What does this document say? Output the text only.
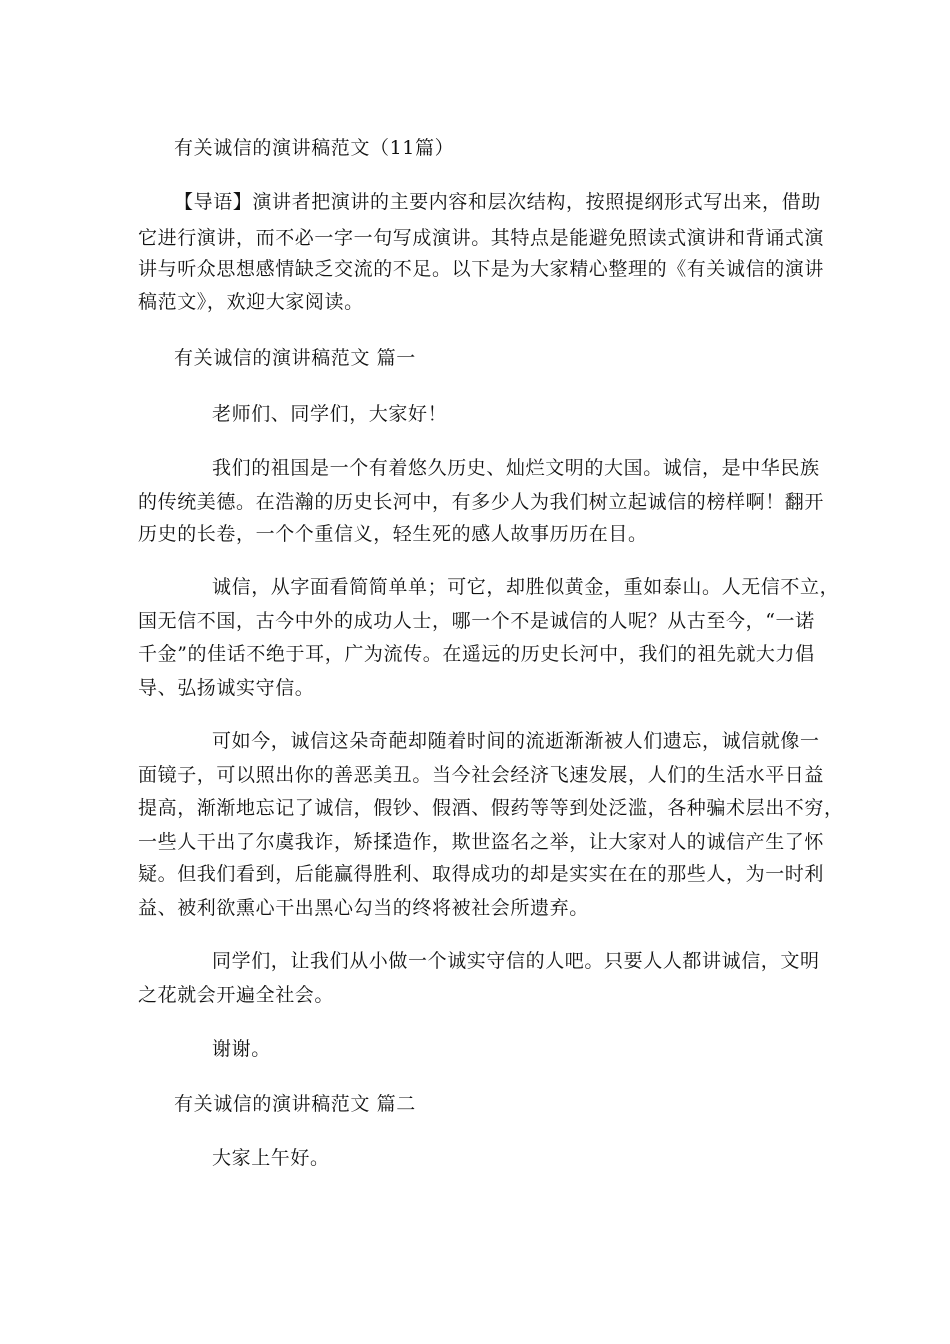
有关诚信的演讲稿范文（11篇）
【导语】演讲者把演讲的主要内容和层次结构，按照提纲形式写出来，借助
它进行演讲，而不必一字一句写成演讲。其特点是能避免照读式演讲和背诵式演
讲与听众思想感情缺乏交流的不足。以下是为大家精心整理的《有关诚信的演讲
稿范文》，欢迎大家阅读。
有关诚信的演讲稿范文 篇一
老师们、同学们，大家好！
我们的祖国是一个有着悠久历史、灿烂文明的大国。诚信，是中华民族
的传统美德。在浩瀚的历史长河中，有多少人为我们树立起诚信的榜样啊！翻开
历史的长卷，一个个重信义，轻生死的感人故事历历在目。
诚信，从字面看简简单单；可它，却胜似黄金，重如泰山。人无信不立，
国无信不国，古今中外的成功人士，哪一个不是诚信的人呢？从古至今，“一诺
千金”的佳话不绝于耳，广为流传。在遥远的历史长河中，我们的祖先就大力倡
导、弘扬诚实守信。
可如今，诚信这朵奇葩却随着时间的流逝渐渐被人们遗忘，诚信就像一
面镜子，可以照出你的善恶美丑。当今社会经济飞速发展，人们的生活水平日益
提高，渐渐地忘记了诚信，假钞、假酒、假药等等到处泛滥，各种骗术层出不穷，
一些人干出了尔虞我诈，矫揉造作，欺世盗名之举，让大家对人的诚信产生了怀
疑。但我们看到，后能赢得胜利、取得成功的却是实实在在的那些人，为一时利
益、被利欲熏心干出黑心勾当的终将被社会所遗弃。
同学们，让我们从小做一个诚实守信的人吧。只要人人都讲诚信，文明
之花就会开遍全社会。
谢谢。
有关诚信的演讲稿范文 篇二
大家上午好。
